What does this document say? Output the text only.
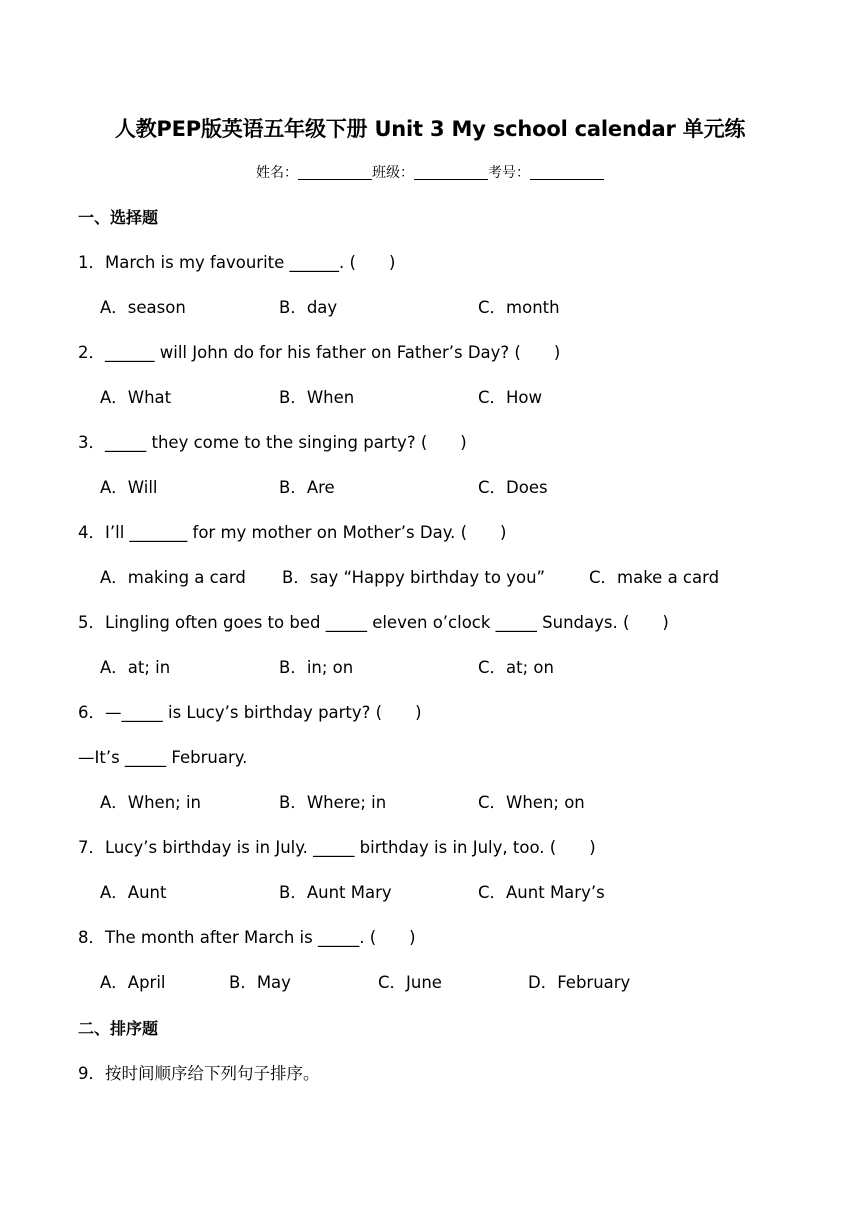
人教PEP版英语五年级下册 Unit 3 My school calendar 单元练
姓名：	班级：	考号：
一、选择题
1．March is my favourite ______. (　　)
A．season	B．day	C．month
2．______ will John do for his father on Father’s Day? (　　)
A．What	B．When	C．How
3．_____ they come to the singing party? (　　)
A．Will	B．Are	C．Does
4．I’ll _______ for my mother on Mother’s Day. (　　)
A．making a card B．say “Happy birthday to you”	C．make a card
5．Lingling often goes to bed _____ eleven o’clock _____ Sundays. (　　)
A．at; in	B．in; on	C．at; on
6．—_____ is Lucy’s birthday party? (　　)
—It’s _____ February.
A．When; in	B．Where; in	C．When; on
7．Lucy’s birthday is in July. _____ birthday is in July, too. (　　)
A．Aunt	B．Aunt Mary	C．Aunt Mary’s
8．The month after March is _____. (　　)
A．April	B．May	C．June	D．February
二、排序题
9．按时间顺序给下列句子排序。
